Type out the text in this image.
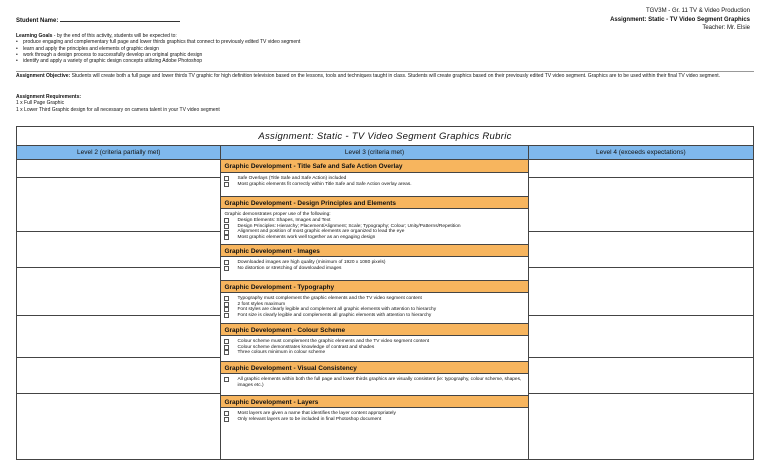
TGV3M - Gr. 11 TV & Video Production
Assignment: Static - TV Video Segment Graphics
Teacher: Mr. Elsie
Student Name:
Learning Goals - by the end of this activity, students will be expected to:
• produce engaging and complementary full page and lower thirds graphics that connect to previously edited TV video segment
• learn and apply the principles and elements of graphic design
• work through a design process to successfully develop an original graphic design
• identify and apply a variety of graphic design concepts utilizing Adobe Photoshop
Assignment Objective: Students will create both a full page and lower thirds TV graphic for high definition television based on the lessons, tools and techniques taught in class. Students will create graphics based on their previously edited TV video segment. Graphics are to be used within their final TV video segment.
Assignment Requirements:
1 x Full Page Graphic
1 x Lower Third Graphic design for all necessary on camera talent in your TV video segment
Assignment: Static - TV Video Segment Graphics Rubric
Level 2 (criteria partially met)	Level 3 (criteria met)	Level 4 (exceeds expectations)
Graphic Development - Title Safe and Safe Action Overlay
Safe Overlays (Title Safe and Safe Action) included
Most graphic elements fit correctly within Title Safe and Safe Action overlay areas.
Graphic Development - Design Principles and Elements
Graphic demonstrates proper use of the following:
Design Elements: Shapes, Images and Text
Design Principles: Hierarchy; Placement/Alignment; Scale; Typography; Colour; Unity/Patterns/Repetition
Alignment and position of most graphic elements are organized to lead the eye
Most graphic elements work well together as an engaging design
Graphic Development - Images
Downloaded images are high quality (minimum of 1920 x 1080 pixels)
No distortion or stretching of downloaded images
Graphic Development - Typography
Typography must complement the graphic elements and the TV video segment content
2 font styles maximum
Font styles are clearly legible and complement all graphic elements with attention to hierarchy
Font size is clearly legible and complements all graphic elements with attention to hierarchy
Graphic Development - Colour Scheme
Colour scheme must complement the graphic elements and the TV video segment content
Colour scheme demonstrates knowledge of contrast and shades
Three colours minimum in colour scheme
Graphic Development - Visual Consistency
All graphic elements within both the full page and lower thirds graphics are visually consistent (ie: typography, colour scheme, shapes, images etc.)
Graphic Development - Layers
Most layers are given a name that identifies the layer content appropriately
Only relevant layers are to be included in final Photoshop document
